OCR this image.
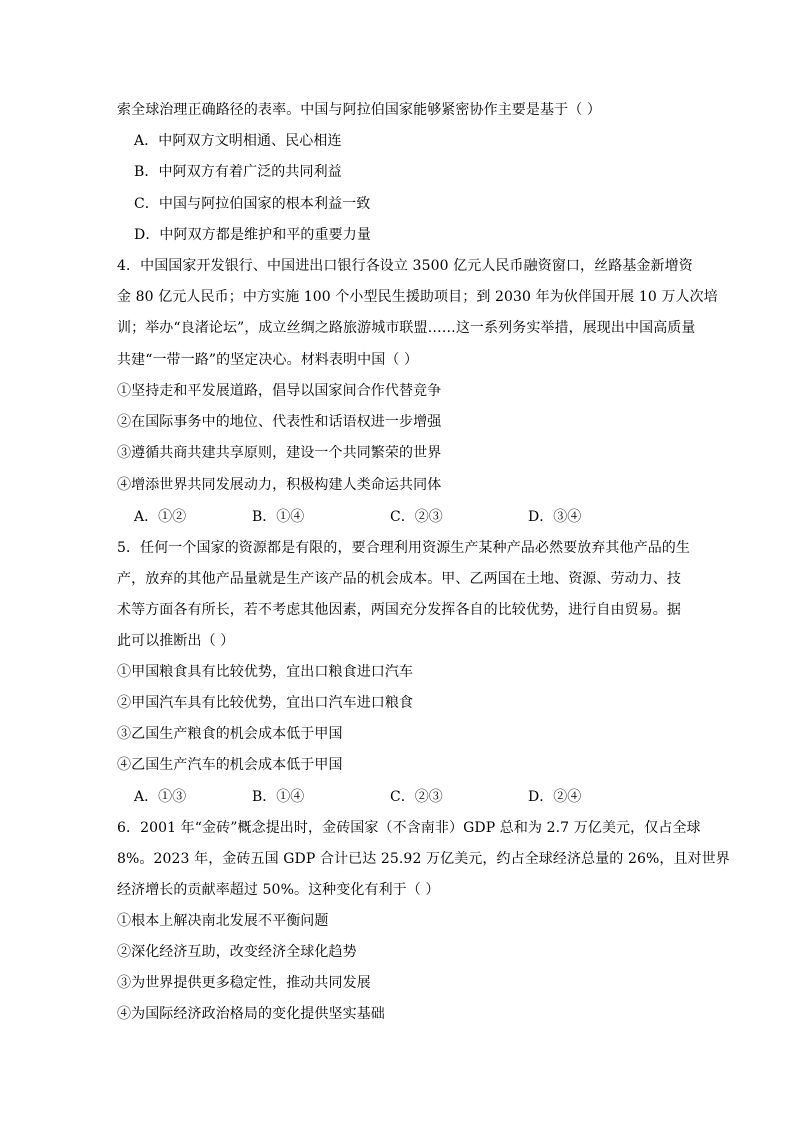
索全球治理正确路径的表率。中国与阿拉伯国家能够紧密协作主要是基于（ ）
A．中阿双方文明相通、民心相连
B．中阿双方有着广泛的共同利益
C．中国与阿拉伯国家的根本利益一致
D．中阿双方都是维护和平的重要力量
4．中国国家开发银行、中国进出口银行各设立 3500 亿元人民币融资窗口，丝路基金新增资
金 80 亿元人民币；中方实施 100 个小型民生援助项目；到 2030 年为伙伴国开展 10 万人次培
训；举办“良渚论坛”，成立丝绸之路旅游城市联盟……这一系列务实举措，展现出中国高质量
共建“一带一路”的坚定决心。材料表明中国（ ）
①坚持走和平发展道路，倡导以国家间合作代替竞争
②在国际事务中的地位、代表性和话语权进一步增强
③遵循共商共建共享原则，建设一个共同繁荣的世界
④增添世界共同发展动力，积极构建人类命运共同体
A．①②	B．①④	C．②③	D．③④
5．任何一个国家的资源都是有限的，要合理利用资源生产某种产品必然要放弃其他产品的生
产，放弃的其他产品量就是生产该产品的机会成本。甲、乙两国在土地、资源、劳动力、技
术等方面各有所长，若不考虑其他因素，两国充分发挥各自的比较优势，进行自由贸易。据
此可以推断出（ ）
①甲国粮食具有比较优势，宜出口粮食进口汽车
②甲国汽车具有比较优势，宜出口汽车进口粮食
③乙国生产粮食的机会成本低于甲国
④乙国生产汽车的机会成本低于甲国
A．①③	B．①④	C．②③	D．②④
6．2001 年“金砖”概念提出时，金砖国家（不含南非）GDP 总和为 2.7 万亿美元，仅占全球
8%。2023 年，金砖五国 GDP 合计已达 25.92 万亿美元，约占全球经济总量的 26%，且对世界
经济增长的贡献率超过 50%。这种变化有利于（ ）
①根本上解决南北发展不平衡问题
②深化经济互助，改变经济全球化趋势
③为世界提供更多稳定性，推动共同发展
④为国际经济政治格局的变化提供坚实基础
